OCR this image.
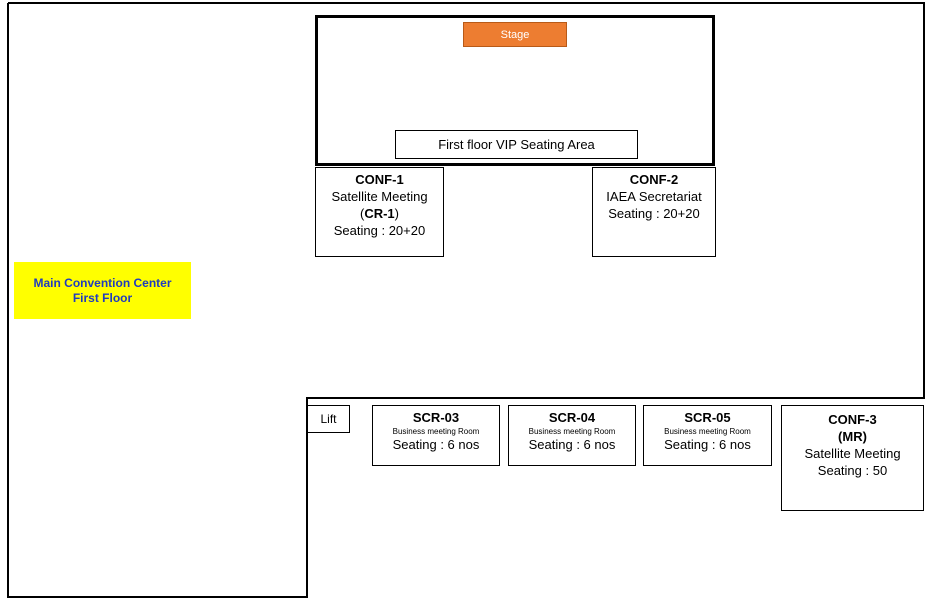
Stage
First floor VIP Seating Area
CONF-1
Satellite Meeting
(CR-1)
Seating : 20+20
CONF-2
IAEA Secretariat
Seating : 20+20
Main Convention Center
First Floor
Lift	SCR-03
Business meeting Room
Seating : 6 nos
SCR-04
Business meeting Room
Seating : 6 nos
SCR-05
Business meeting Room
Seating : 6 nos
CONF-3
(MR)
Satellite Meeting
Seating : 50
